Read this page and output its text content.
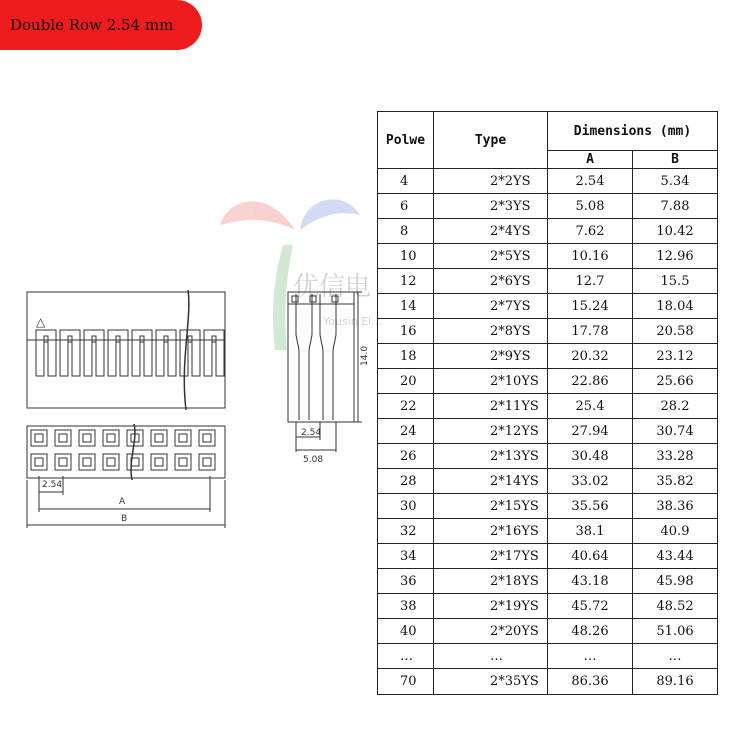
Double Row 2.54 mm
优信电
Yousin El...
△
2.54
A
B
14.0
2.54
5.08
Polwe	Type	Dimensions (mm)	
		A	B
4	2*2YS	2.54	5.34
6	2*3YS	5.08	7.88
8	2*4YS	7.62	10.42
10	2*5YS	10.16	12.96
12	2*6YS	12.7	15.5
14	2*7YS	15.24	18.04
16	2*8YS	17.78	20.58
18	2*9YS	20.32	23.12
20	2*10YS	22.86	25.66
22	2*11YS	25.4	28.2
24	2*12YS	27.94	30.74
26	2*13YS	30.48	33.28
28	2*14YS	33.02	35.82
30	2*15YS	35.56	38.36
32	2*16YS	38.1	40.9
34	2*17YS	40.64	43.44
36	2*18YS	43.18	45.98
38	2*19YS	45.72	48.52
40	2*20YS	48.26	51.06
…	…	…	…
70	2*35YS	86.36	89.16
